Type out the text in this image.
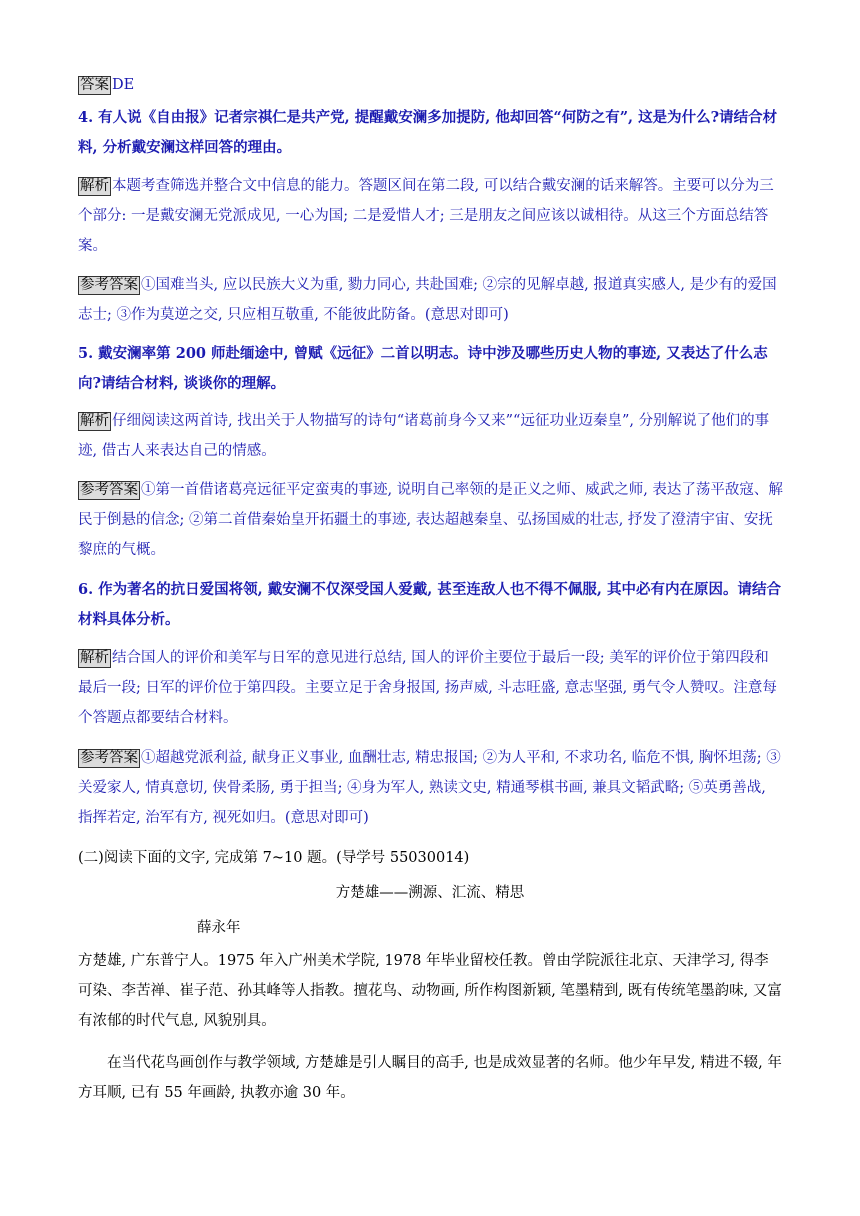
答案 DE

4. 有人说《自由报》记者宗祺仁是共产党, 提醒戴安澜多加提防, 他却回答“何防之有”, 这是为什么?请结合材料, 分析戴安澜这样回答的理由。

解析 本题考查筛选并整合文中信息的能力。答题区间在第二段, 可以结合戴安澜的话来解答。主要可以分为三个部分: 一是戴安澜无党派成见, 一心为国; 二是爱惜人才; 三是朋友之间应该以诚相待。从这三个方面总结答案。

参考答案 ①国难当头, 应以民族大义为重, 勠力同心, 共赴国难; ②宗的见解卓越, 报道真实感人, 是少有的爱国志士; ③作为莫逆之交, 只应相互敬重, 不能彼此防备。(意思对即可)

5. 戴安澜率第 200 师赴缅途中, 曾赋《远征》二首以明志。诗中涉及哪些历史人物的事迹, 又表达了什么志向?请结合材料, 谈谈你的理解。

解析 仔细阅读这两首诗, 找出关于人物描写的诗句“诸葛前身今又来”“远征功业迈秦皇”, 分别解说了他们的事迹, 借古人来表达自己的情感。

参考答案 ①第一首借诸葛亮远征平定蛮夷的事迹, 说明自己率领的是正义之师、威武之师, 表达了荡平敌寇、解民于倒悬的信念; ②第二首借秦始皇开拓疆土的事迹, 表达超越秦皇、弘扬国威的壮志, 抒发了澄清宇宙、安抚黎庶的气概。

6. 作为著名的抗日爱国将领, 戴安澜不仅深受国人爱戴, 甚至连敌人也不得不佩服, 其中必有内在原因。请结合材料具体分析。

解析 结合国人的评价和美军与日军的意见进行总结, 国人的评价主要位于最后一段; 美军的评价位于第四段和最后一段; 日军的评价位于第四段。主要立足于舍身报国, 扬声威, 斗志旺盛, 意志坚强, 勇气令人赞叹。注意每个答题点都要结合材料。

参考答案 ①超越党派利益, 献身正义事业, 血酬壮志, 精忠报国; ②为人平和, 不求功名, 临危不惧, 胸怀坦荡; ③关爱家人, 情真意切, 侠骨柔肠, 勇于担当; ④身为军人, 熟读文史, 精通琴棋书画, 兼具文韬武略; ⑤英勇善战, 指挥若定, 治军有方, 视死如归。(意思对即可)

(二)阅读下面的文字, 完成第 7~10 题。(导学号 55030014)

方楚雄——溯源、汇流、精思

薛永年

方楚雄, 广东普宁人。1975 年入广州美术学院, 1978 年毕业留校任教。曾由学院派往北京、天津学习, 得李可染、李苦禅、崔子范、孙其峰等人指教。擅花鸟、动物画, 所作构图新颖, 笔墨精到, 既有传统笔墨韵味, 又富有浓郁的时代气息, 风貌别具。

在当代花鸟画创作与教学领域, 方楚雄是引人瞩目的高手, 也是成效显著的名师。他少年早发, 精进不辍, 年方耳顺, 已有 55 年画龄, 执教亦逾 30 年。
